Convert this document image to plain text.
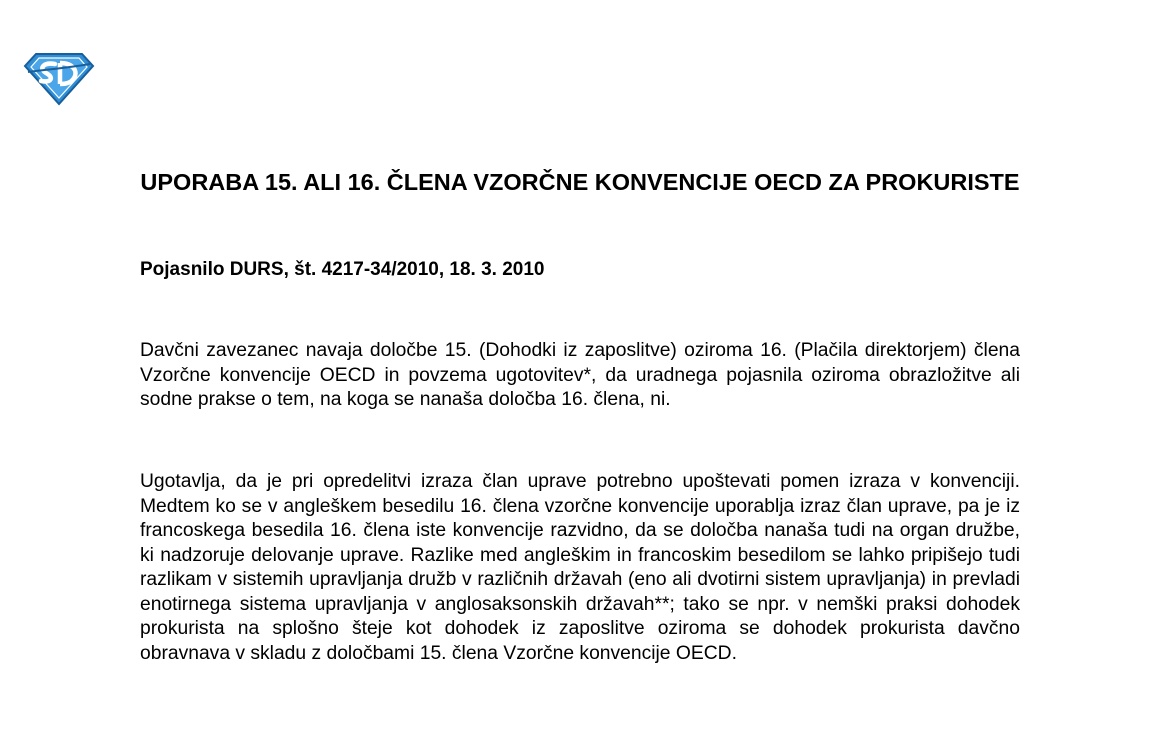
UPORABA 15. ALI 16. ČLENA VZORČNE KONVENCIJE OECD ZA PROKURISTE

Pojasnilo DURS, št. 4217-34/2010, 18. 3. 2010

Davčni zavezanec navaja določbe 15. (Dohodki iz zaposlitve) oziroma 16. (Plačila direktorjem) člena Vzorčne konvencije OECD in povzema ugotovitev*, da uradnega pojasnila oziroma obrazložitve ali sodne prakse o tem, na koga se nanaša določba 16. člena, ni.

Ugotavlja, da je pri opredelitvi izraza član uprave potrebno upoštevati pomen izraza v konvenciji. Medtem ko se v angleškem besedilu 16. člena vzorčne konvencije uporablja izraz član uprave, pa je iz francoskega besedila 16. člena iste konvencije razvidno, da se določba nanaša tudi na organ družbe, ki nadzoruje delovanje uprave. Razlike med angleškim in francoskim besedilom se lahko pripišejo tudi razlikam v sistemih upravljanja družb v različnih državah (eno ali dvotirni sistem upravljanja) in prevladi enotirnega sistema upravljanja v anglosaksonskih državah**; tako se npr. v nemški praksi dohodek prokurista na splošno šteje kot dohodek iz zaposlitve oziroma se dohodek prokurista davčno obravnava v skladu z določbami 15. člena Vzorčne konvencije OECD.
